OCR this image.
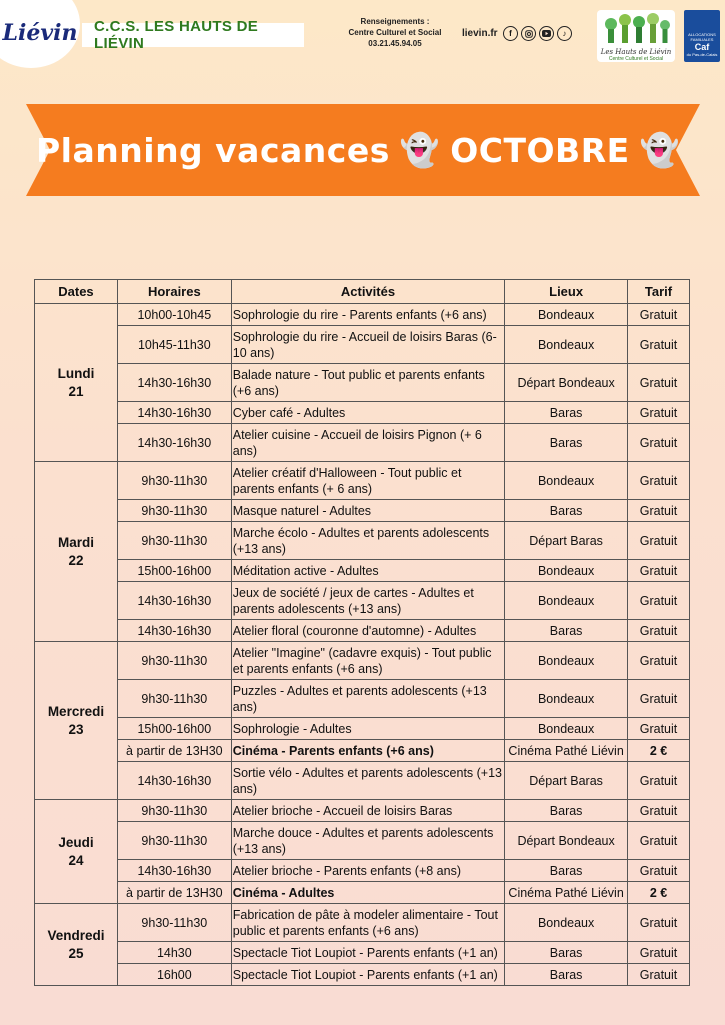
Liévin	C.C.S. LES HAUTS DE LIÉVIN
Renseignements :
Centre Culturel et Social
03.21.45.94.05
lievin.fr	f	♪
Les Hauts de Liévin
Centre Culturel et Social
ALLOCATIONS FAMILIALES
Caf
du Pas-de-Calais
Planning vacances 👻 OCTOBRE 👻
Dates	Horaires	Activités	Lieux	Tarif

Lundi
21	10h00-10h45	Sophrologie du rire - Parents enfants (+6 ans)	Bondeaux	Gratuit
	10h45-11h30	Sophrologie du rire - Accueil de loisirs Baras (6-10 ans)	Bondeaux	Gratuit
	14h30-16h30	Balade nature - Tout public et parents enfants (+6 ans)	Départ Bondeaux	Gratuit
	14h30-16h30	Cyber café - Adultes	Baras	Gratuit
	14h30-16h30	Atelier cuisine - Accueil de loisirs Pignon (+ 6 ans)	Baras	Gratuit

Mardi
22	9h30-11h30	Atelier créatif d'Halloween - Tout public et parents enfants (+ 6 ans)	Bondeaux	Gratuit
	9h30-11h30	Masque naturel - Adultes	Baras	Gratuit
	9h30-11h30	Marche écolo - Adultes et parents adolescents (+13 ans)	Départ Baras	Gratuit
	15h00-16h00	Méditation active - Adultes	Bondeaux	Gratuit
	14h30-16h30	Jeux de société / jeux de cartes - Adultes et parents adolescents (+13 ans)	Bondeaux	Gratuit
	14h30-16h30	Atelier floral (couronne d'automne) - Adultes	Baras	Gratuit

Mercredi
23	9h30-11h30	Atelier "Imagine" (cadavre exquis) - Tout public et parents enfants (+6 ans)	Bondeaux	Gratuit
	9h30-11h30	Puzzles - Adultes et parents adolescents (+13 ans)	Bondeaux	Gratuit
	15h00-16h00	Sophrologie - Adultes	Bondeaux	Gratuit
	à partir de 13H30	Cinéma - Parents enfants (+6 ans)	Cinéma Pathé Liévin	2 €
	14h30-16h30	Sortie vélo - Adultes et parents adolescents (+13 ans)	Départ Baras	Gratuit

Jeudi
24	9h30-11h30	Atelier brioche - Accueil de loisirs Baras	Baras	Gratuit
	9h30-11h30	Marche douce - Adultes et parents adolescents (+13 ans)	Départ Bondeaux	Gratuit
	14h30-16h30	Atelier brioche - Parents enfants (+8 ans)	Baras	Gratuit
	à partir de 13H30	Cinéma - Adultes	Cinéma Pathé Liévin	2 €

Vendredi
25	9h30-11h30	Fabrication de pâte à modeler alimentaire - Tout public et parents enfants (+6 ans)	Bondeaux	Gratuit
	14h30	Spectacle Tiot Loupiot - Parents enfants (+1 an)	Baras	Gratuit
	16h00	Spectacle Tiot Loupiot - Parents enfants (+1 an)	Baras	Gratuit
